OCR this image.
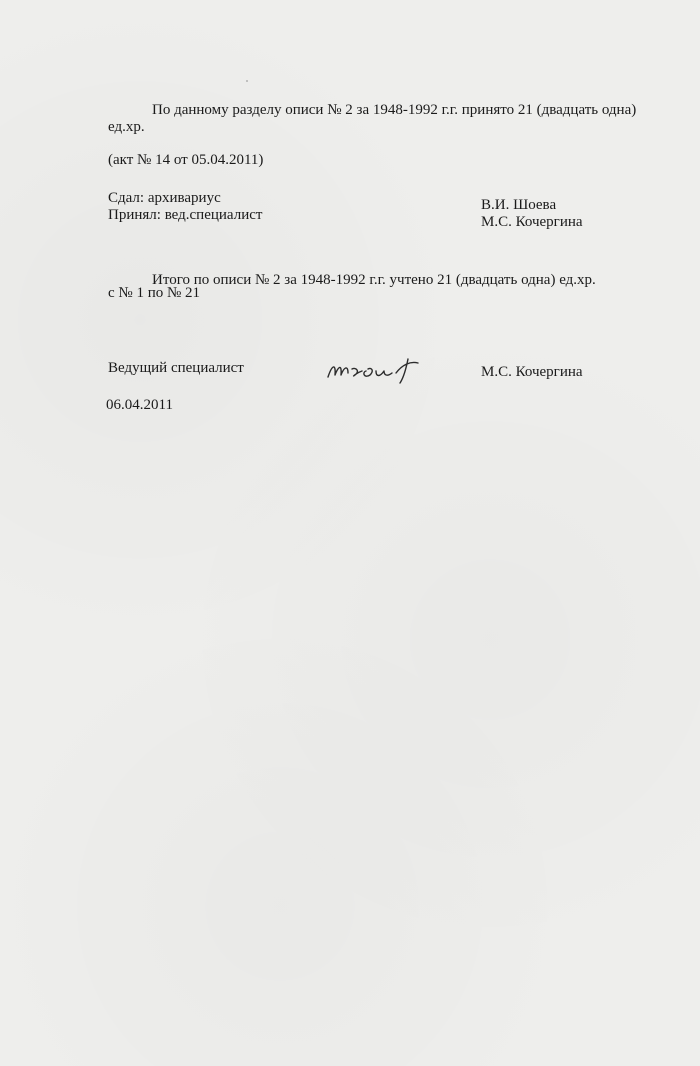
По данному разделу описи № 2 за 1948-1992 г.г. принято 21 (двадцать одна)
ед.хр.
(акт № 14 от 05.04.2011)
Сдал: архивариус	В.И. Шоева
Принял: вед.специалист	М.С. Кочергина
Итого по описи № 2 за 1948-1992 г.г. учтено 21 (двадцать одна) ед.хр.
с № 1 по № 21
Ведущий специалист	М.С. Кочергина
06.04.2011
